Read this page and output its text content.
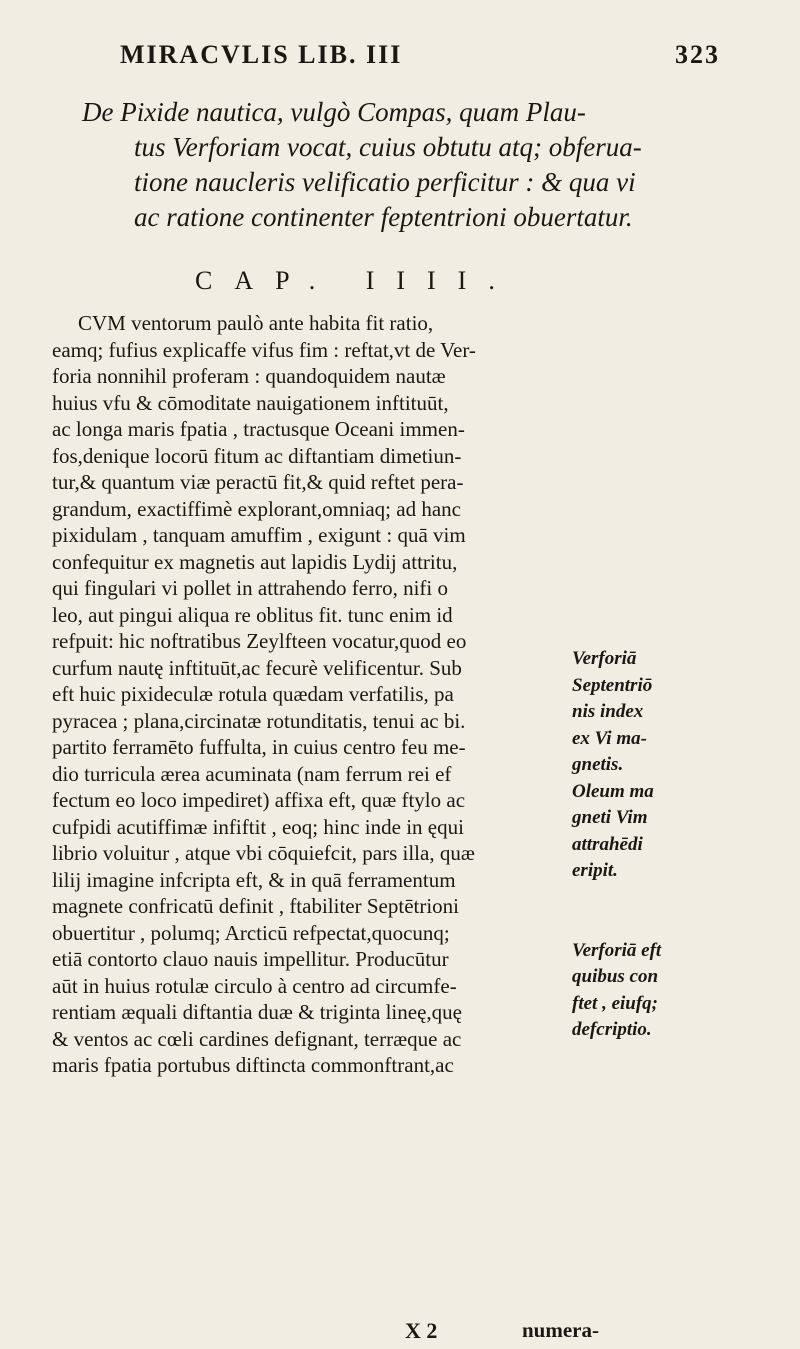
MIRACVLIS LIB. III	323
De Pixide nautica, vulgò Compas, quam Plau-
tus Verforiam vocat, cuius obtutu atq; obferua-
tione naucleris velificatio perficitur : & qua vi
ac ratione continenter feptentrioni obuertatur.
CAP. IIII.
CVM ventorum paulò ante habita fit ratio,
eamq; fufius explicaffe vifus fim : reftat,vt de Ver-
foria nonnihil proferam : quandoquidem nautæ
huius vfu & cōmoditate nauigationem inftituūt,
ac longa maris fpatia , tractusque Oceani immen-
fos,denique locorū fitum ac diftantiam dimetiun-
tur,& quantum viæ peractū fit,& quid reftet pera-
grandum, exactiffimè explorant,omniaq; ad hanc
pixidulam , tanquam amuffim , exigunt : quā vim
confequitur ex magnetis aut lapidis Lydij attritu,
qui fingulari vi pollet in attrahendo ferro, nifi o
leo, aut pingui aliqua re oblitus fit. tunc enim id
refpuit: hic noftratibus Zeylfteen vocatur,quod eo
curfum nautę inftituūt,ac fecurè velificentur. Sub
eft huic pixideculæ rotula quædam verfatilis, pa
pyracea ; plana,circinatæ rotunditatis, tenui ac bi.
partito ferramēto fuffulta, in cuius centro feu me-
dio turricula ærea acuminata (nam ferrum rei ef
fectum eo loco impediret) affixa eft, quæ ftylo ac
cufpidi acutiffimæ infiftit , eoq; hinc inde in ęqui
librio voluitur , atque vbi cōquiefcit, pars illa, quæ
lilij imagine infcripta eft, & in quā ferramentum
magnete confricatū definit , ftabiliter Septētrioni
obuertitur , polumq; Arcticū refpectat,quocunq;
etiā contorto clauo nauis impellitur. Producūtur
aūt in huius rotulæ circulo à centro ad circumfe-
rentiam æquali diftantia duæ & triginta lineę,quę
& ventos ac cœli cardines defignant, terræque ac
maris fpatia portubus diftincta commonftrant,ac
Verforiā
Septentriō
nis index
ex Vi ma-
gnetis.
Oleum ma
gneti Vim
attrahēdi
eripit.
Verforiā eft
quibus con
ftet , eiufq;
defcriptio.
X 2	numera-
